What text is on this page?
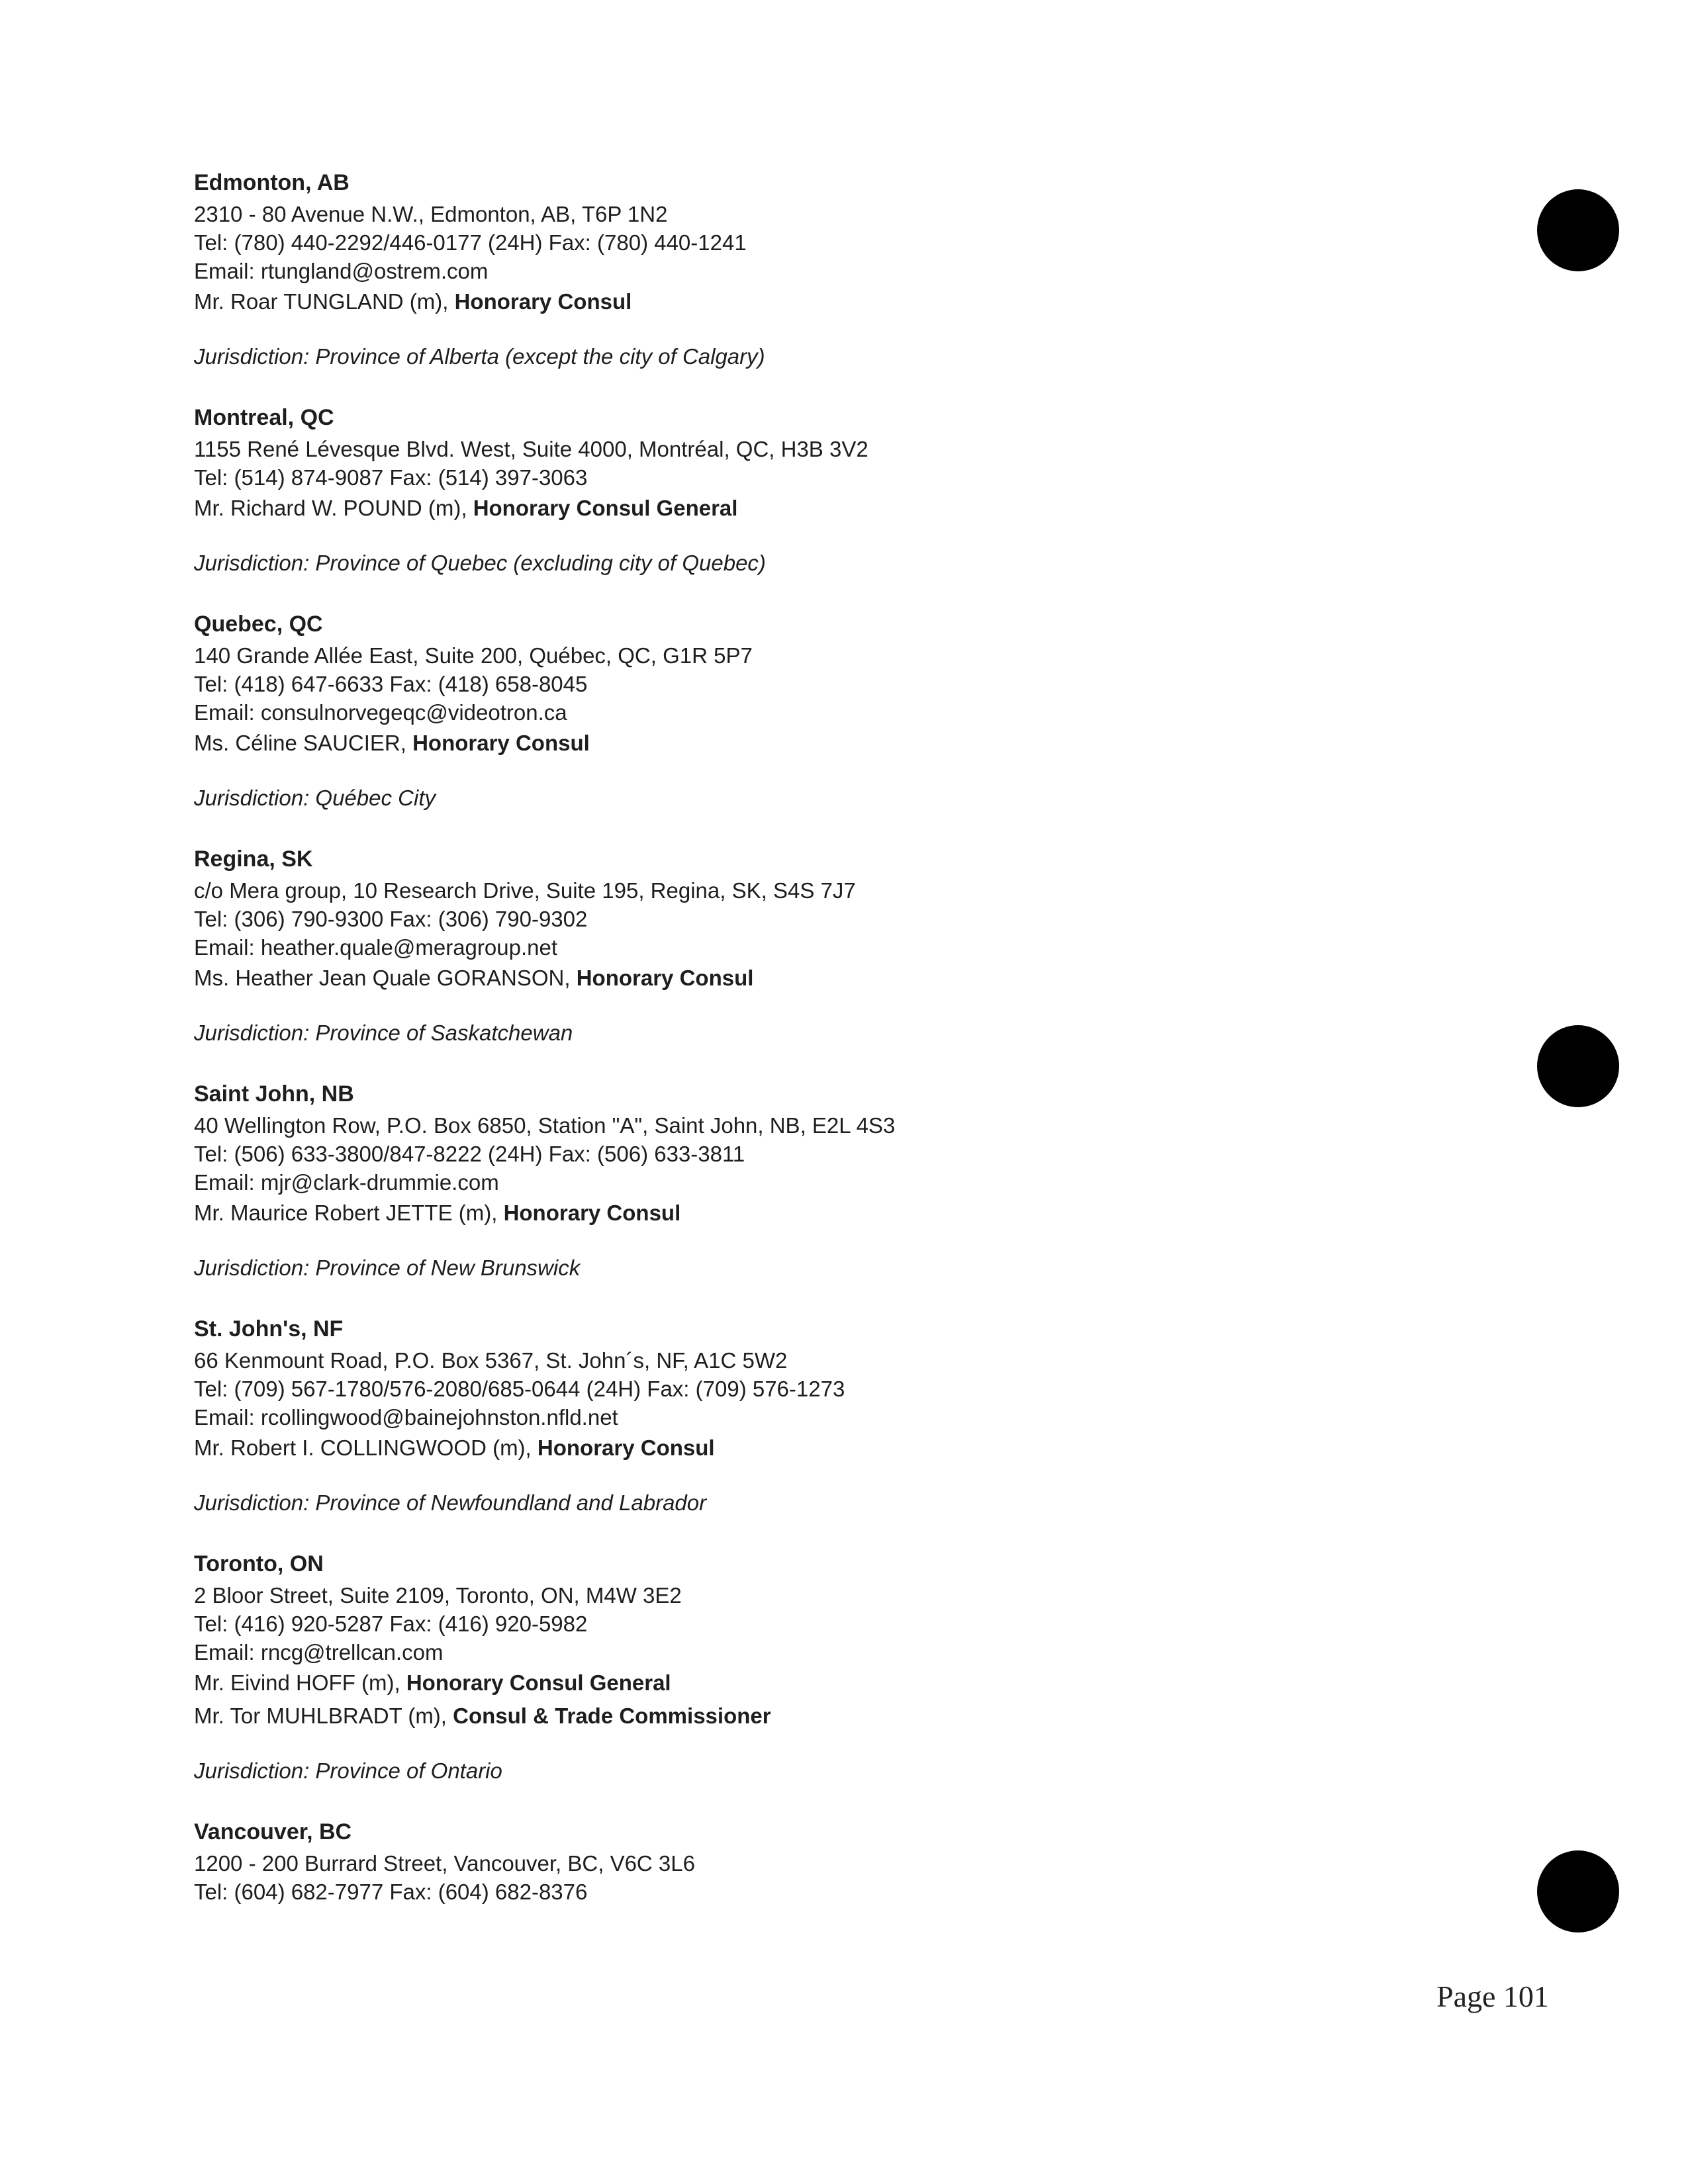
Edmonton, AB

2310 - 80 Avenue N.W., Edmonton, AB, T6P 1N2

Tel: (780) 440-2292/446-0177 (24H) Fax: (780) 440-1241

Email: rtungland@ostrem.com

Mr. Roar TUNGLAND (m), Honorary Consul

Jurisdiction: Province of Alberta (except the city of Calgary)

Montreal, QC

1155 René Lévesque Blvd. West, Suite 4000, Montréal, QC, H3B 3V2

Tel: (514) 874-9087 Fax: (514) 397-3063

Mr. Richard W. POUND (m), Honorary Consul General

Jurisdiction: Province of Quebec (excluding city of Quebec)

Quebec, QC

140 Grande Allée East, Suite 200, Québec, QC, G1R 5P7

Tel: (418) 647-6633 Fax: (418) 658-8045

Email: consulnorvegeqc@videotron.ca

Ms. Céline SAUCIER, Honorary Consul

Jurisdiction: Québec City

Regina, SK

c/o Mera group, 10 Research Drive, Suite 195, Regina, SK, S4S 7J7

Tel: (306) 790-9300 Fax: (306) 790-9302

Email: heather.quale@meragroup.net

Ms. Heather Jean Quale GORANSON, Honorary Consul

Jurisdiction: Province of Saskatchewan

Saint John, NB

40 Wellington Row, P.O. Box 6850, Station "A", Saint John, NB, E2L 4S3

Tel: (506) 633-3800/847-8222 (24H) Fax: (506) 633-3811

Email: mjr@clark-drummie.com

Mr. Maurice Robert JETTE (m), Honorary Consul

Jurisdiction: Province of New Brunswick

St. John's, NF

66 Kenmount Road, P.O. Box 5367, St. John´s, NF, A1C 5W2

Tel: (709) 567-1780/576-2080/685-0644 (24H) Fax: (709) 576-1273

Email: rcollingwood@bainejohnston.nfld.net

Mr. Robert I. COLLINGWOOD (m), Honorary Consul

Jurisdiction: Province of Newfoundland and Labrador

Toronto, ON

2 Bloor Street, Suite 2109, Toronto, ON, M4W 3E2

Tel: (416) 920-5287 Fax: (416) 920-5982

Email: rncg@trellcan.com

Mr. Eivind HOFF (m), Honorary Consul General

Mr. Tor MUHLBRADT (m), Consul & Trade Commissioner

Jurisdiction: Province of Ontario

Vancouver, BC

1200 - 200 Burrard Street, Vancouver, BC, V6C 3L6

Tel: (604) 682-7977 Fax: (604) 682-8376

Page 101
